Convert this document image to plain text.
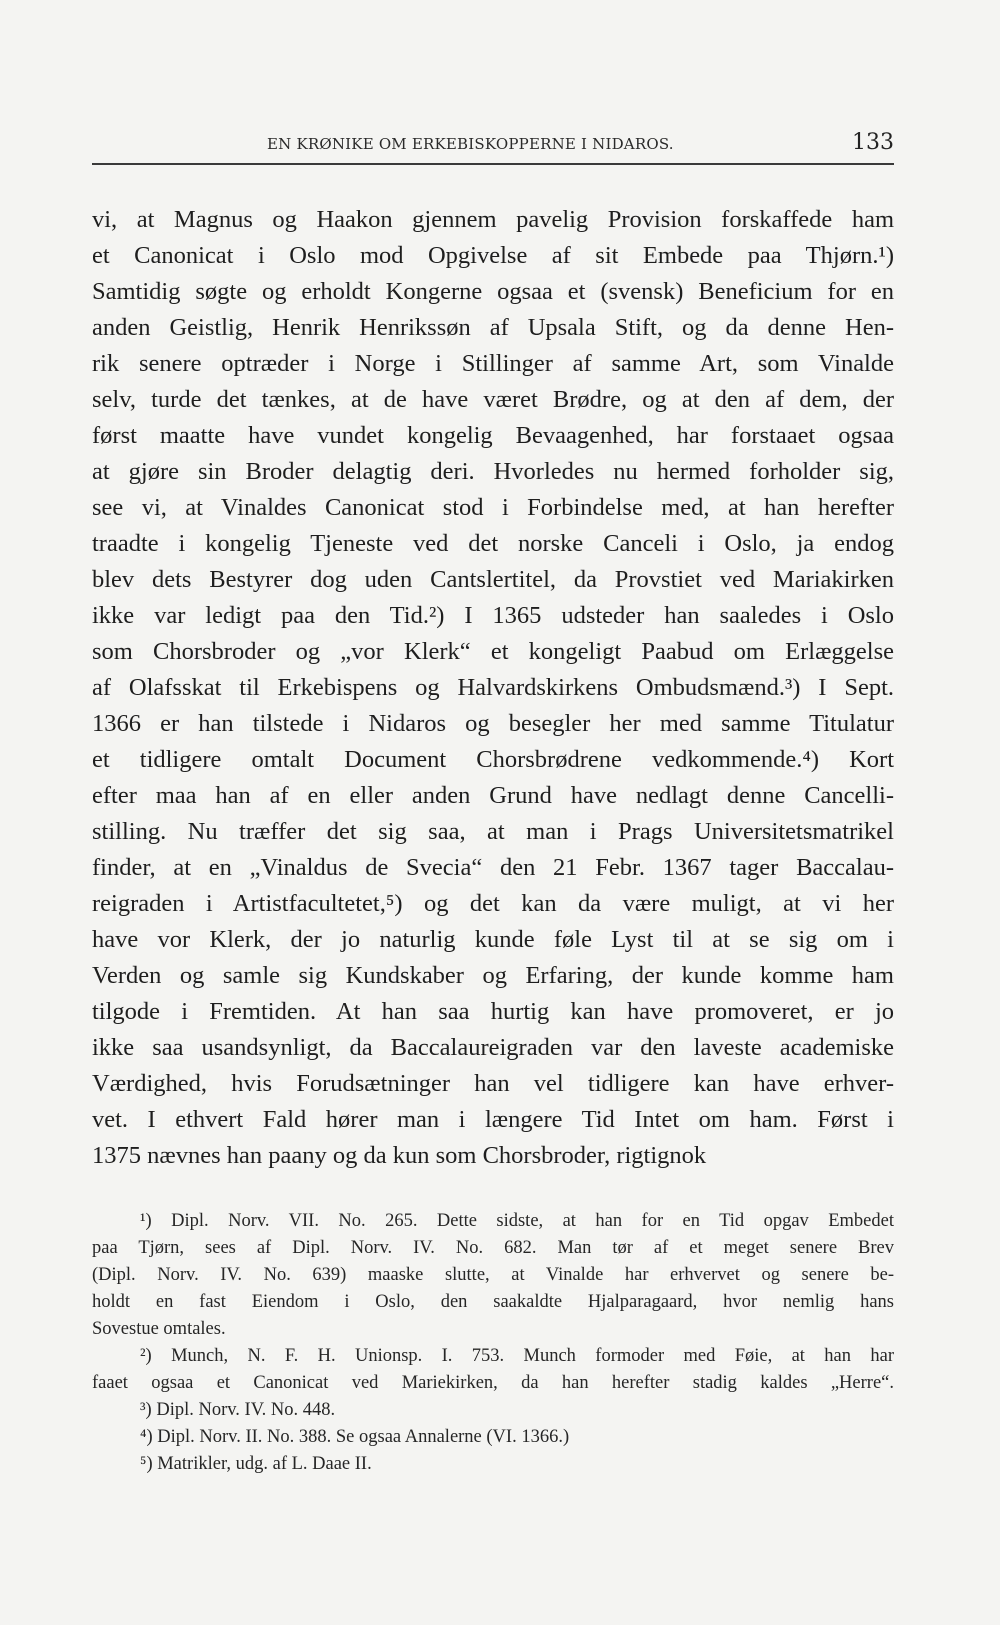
EN KRØNIKE OM ERKEBISKOPPERNE I NIDAROS.	133
vi, at Magnus og Haakon gjennem pavelig Provision forskaffede ham
et Canonicat i Oslo mod Opgivelse af sit Embede paa Thjørn.¹)
Samtidig søgte og erholdt Kongerne ogsaa et (svensk) Beneficium for en
anden Geistlig, Henrik Henrikssøn af Upsala Stift, og da denne Hen-
rik senere optræder i Norge i Stillinger af samme Art, som Vinalde
selv, turde det tænkes, at de have været Brødre, og at den af dem, der
først maatte have vundet kongelig Bevaagenhed, har forstaaet ogsaa
at gjøre sin Broder delagtig deri. Hvorledes nu hermed forholder sig,
see vi, at Vinaldes Canonicat stod i Forbindelse med, at han herefter
traadte i kongelig Tjeneste ved det norske Canceli i Oslo, ja endog
blev dets Bestyrer dog uden Cantslertitel, da Provstiet ved Mariakirken
ikke var ledigt paa den Tid.²) I 1365 udsteder han saaledes i Oslo
som Chorsbroder og „vor Klerk“ et kongeligt Paabud om Erlæggelse
af Olafsskat til Erkebispens og Halvardskirkens Ombudsmænd.³) I Sept.
1366 er han tilstede i Nidaros og besegler her med samme Titulatur
et tidligere omtalt Document Chorsbrødrene vedkommende.⁴) Kort
efter maa han af en eller anden Grund have nedlagt denne Cancelli-
stilling. Nu træffer det sig saa, at man i Prags Universitetsmatrikel
finder, at en „Vinaldus de Svecia“ den 21 Febr. 1367 tager Baccalau-
reigraden i Artistfacultetet,⁵) og det kan da være muligt, at vi her
have vor Klerk, der jo naturlig kunde føle Lyst til at se sig om i
Verden og samle sig Kundskaber og Erfaring, der kunde komme ham
tilgode i Fremtiden. At han saa hurtig kan have promoveret, er jo
ikke saa usandsynligt, da Baccalaureigraden var den laveste academiske
Værdighed, hvis Forudsætninger han vel tidligere kan have erhver-
vet. I ethvert Fald hører man i længere Tid Intet om ham. Først i
1375 nævnes han paany og da kun som Chorsbroder, rigtignok
¹) Dipl. Norv. VII. No. 265. Dette sidste, at han for en Tid opgav Embedet
paa Tjørn, sees af Dipl. Norv. IV. No. 682. Man tør af et meget senere Brev
(Dipl. Norv. IV. No. 639) maaske slutte, at Vinalde har erhvervet og senere be-
holdt en fast Eiendom i Oslo, den saakaldte Hjalparagaard, hvor nemlig hans
Sovestue omtales.
²) Munch, N. F. H. Unionsp. I. 753. Munch formoder med Føie, at han har
faaet ogsaa et Canonicat ved Mariekirken, da han herefter stadig kaldes „Herre“.
³) Dipl. Norv. IV. No. 448.
⁴) Dipl. Norv. II. No. 388. Se ogsaa Annalerne (VI. 1366.)
⁵) Matrikler, udg. af L. Daae II.
